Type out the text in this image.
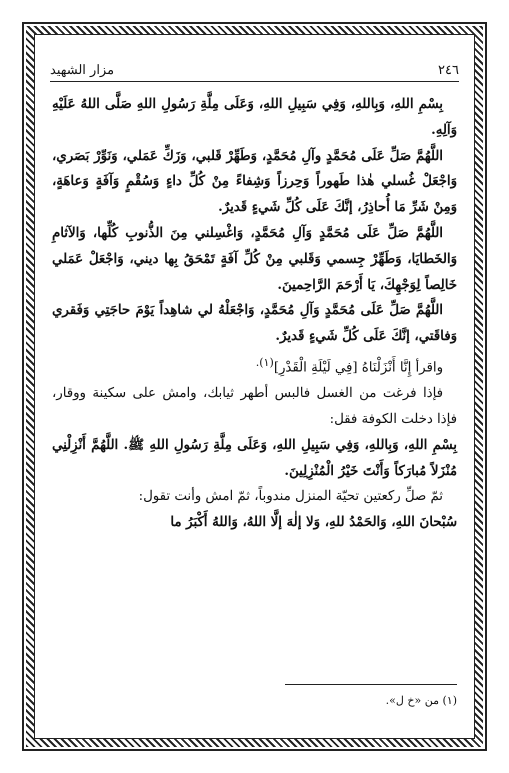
٢٤٦
مزار الشهيد

بِسْمِ اللهِ، وَبِاللهِ، وَفِي سَبِيلِ اللهِ، وَعَلَى مِلَّةِ رَسُولِ اللهِ صَلَّى اللهُ عَلَيْهِ وَآلِهِ.

اللَّهُمَّ صَلِّ عَلَى مُحَمَّدٍ وآلِ مُحَمَّدٍ، وَطَهِّرْ قَلبي، وَزَكِّ عَمَلي، وَنَوِّرْ بَصَري، وَاجْعَلْ غُسلي هٰذا طَهوراً وَحِرزاً وَشِفاءً مِنْ كُلِّ داءٍ وَسُقْمٍ وَآفَةٍ وَعاهَةٍ، وَمِنْ شَرِّ مَا أُحاذِرُ، إنَّكَ عَلَى كُلِّ شَيءٍ قَديرٌ.

اللَّهُمَّ صَلِّ عَلَى مُحَمَّدٍ وَآلِ مُحَمَّدٍ، وَاغْسِلني مِنَ الذُّنوبِ كُلِّها، وَالآثامِ وَالخَطايَا، وَطَهِّرْ جِسمي وَقَلبي مِنْ كُلِّ آفَةٍ تَمْحَقُ بِها ديني، وَاجْعَلْ عَمَلي خَالِصاً لِوَجْهِكَ، يَا أَرْحَمَ الرَّاحِمينَ.

اللَّهُمَّ صَلِّ عَلَى مُحَمَّدٍ وَآلِ مُحَمَّدٍ، وَاجْعَلْهُ لي شاهِداً يَوْمَ حاجَتِي وَفَقري وَفاقَتي، إنَّكَ عَلَى كُلِّ شَيءٍ قَديرٌ.

واقرأ إِنَّا أَنْزَلْنَاهُ [فِي لَيْلَةِ الْقَدْرِ]$^{(١).}$

فإذا فرغت من الغسل فالبس أطهر ثيابك، وامش على سكينة ووقار، فإذا دخلت الكوفة فقل:

بِسْمِ اللهِ، وَبِاللهِ، وَفِي سَبِيلِ اللهِ، وَعَلَى مِلَّةِ رَسُولِ اللهِ ﷺ. اللَّهُمَّ أَنْزِلْنِي مُنْزَلاً مُبارَكاً وَأَنْتَ خَيْرُ الْمُنْزِلِينَ.

ثمّ صلِّ ركعتين تحيّة المنزل مندوباً، ثمّ امش وأنت تقول:

سُبْحانَ اللهِ، وَالحَمْدُ للهِ، وَلا إلٰهَ إلَّا اللهُ، وَاللهُ أَكْبَرُ ما

(١) من «خ ل».
